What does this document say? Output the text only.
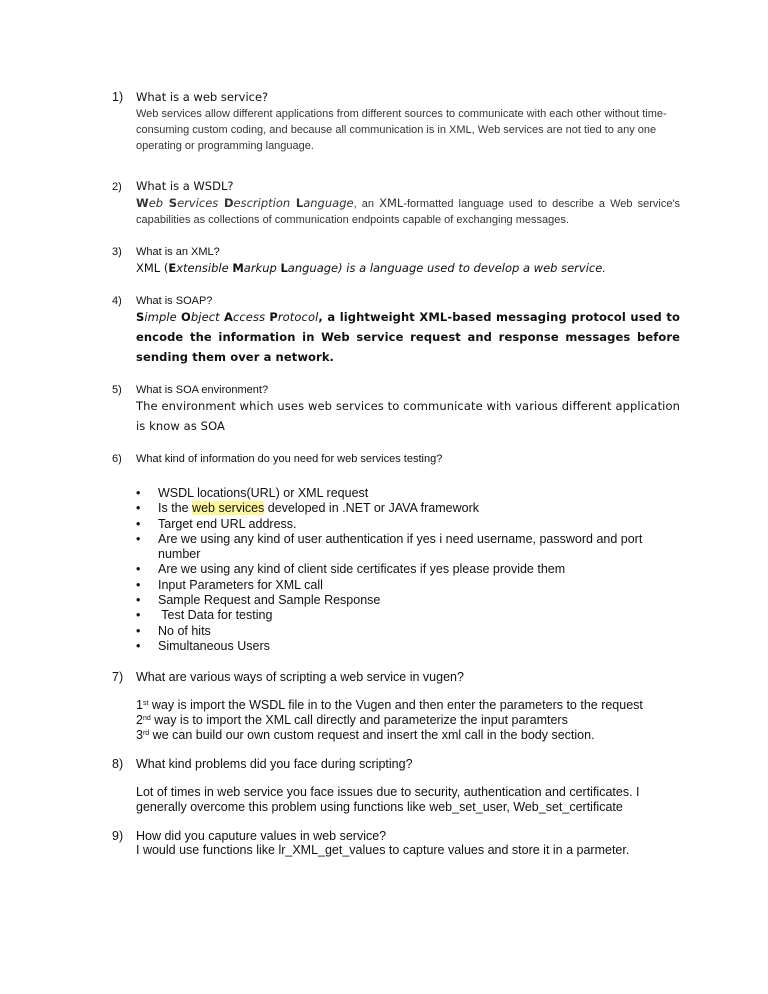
1)	What is a web service?
Web services allow different applications from different sources to communicate with each other without time-consuming custom coding, and because all communication is in XML, Web services are not tied to any one operating or programming language.
2)	What is a WSDL?
Web Services Description Language, an XML-formatted language used to describe a Web service's capabilities as collections of communication endpoints capable of exchanging messages.
3)	What is an XML?
XML (Extensible Markup Language) is a language used to develop a web service.
4)	What is SOAP?
Simple Object Access Protocol, a lightweight XML-based messaging protocol used to encode the information in Web service request and response messages before sending them over a network.
5)	What is SOA environment?
The environment which uses web services to communicate with various different application is know as SOA
6)	What kind of information do you need for web services testing?
• WSDL locations(URL) or XML request
• Is the web services developed in .NET or JAVA framework
• Target end URL address.
• Are we using any kind of user authentication if yes i need username, password and port number
• Are we using any kind of client side certificates if yes please provide them
• Input Parameters for XML call
• Sample Request and Sample Response
•  Test Data for testing
• No of hits
• Simultaneous Users
7)	What are various ways of scripting a web service in vugen?
1st way is import the WSDL file in to the Vugen and then enter the parameters to the request
2nd way is to import the XML call directly and parameterize the input paramters
3rd we can build our own custom request and insert the xml call in the body section.
8)	What kind problems did you face during scripting?
Lot of times in web service you face issues due to security, authentication and certificates. I generally overcome this problem using functions like web_set_user, Web_set_certificate
9)	How did you caputure values in web service?
I would use functions like lr_XML_get_values to capture values and store it in a parmeter.
